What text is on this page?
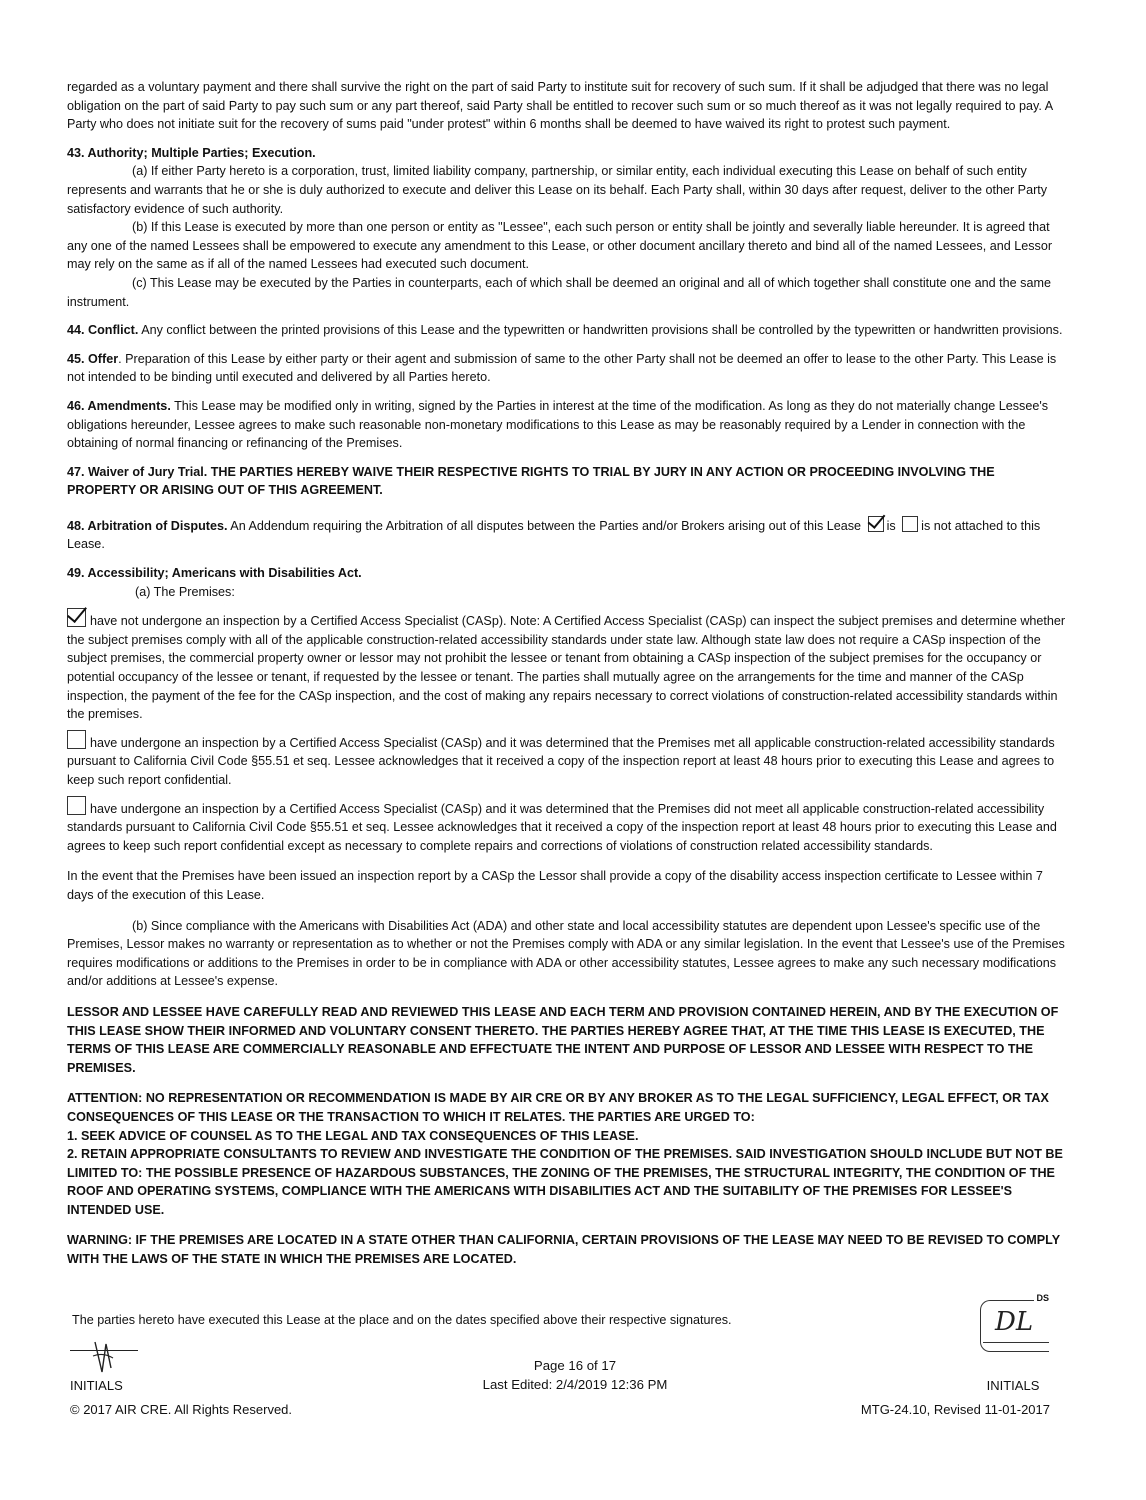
regarded as a voluntary payment and there shall survive the right on the part of said Party to institute suit for recovery of such sum. If it shall be adjudged that there was no legal obligation on the part of said Party to pay such sum or any part thereof, said Party shall be entitled to recover such sum or so much thereof as it was not legally required to pay. A Party who does not initiate suit for the recovery of sums paid "under protest" within 6 months shall be deemed to have waived its right to protest such payment.

43. Authority; Multiple Parties; Execution.

(a) If either Party hereto is a corporation, trust, limited liability company, partnership, or similar entity, each individual executing this Lease on behalf of such entity represents and warrants that he or she is duly authorized to execute and deliver this Lease on its behalf. Each Party shall, within 30 days after request, deliver to the other Party satisfactory evidence of such authority.

(b) If this Lease is executed by more than one person or entity as "Lessee", each such person or entity shall be jointly and severally liable hereunder. It is agreed that any one of the named Lessees shall be empowered to execute any amendment to this Lease, or other document ancillary thereto and bind all of the named Lessees, and Lessor may rely on the same as if all of the named Lessees had executed such document.

(c) This Lease may be executed by the Parties in counterparts, each of which shall be deemed an original and all of which together shall constitute one and the same instrument.

44. Conflict. Any conflict between the printed provisions of this Lease and the typewritten or handwritten provisions shall be controlled by the typewritten or handwritten provisions.

45. Offer. Preparation of this Lease by either party or their agent and submission of same to the other Party shall not be deemed an offer to lease to the other Party. This Lease is not intended to be binding until executed and delivered by all Parties hereto.

46. Amendments. This Lease may be modified only in writing, signed by the Parties in interest at the time of the modification. As long as they do not materially change Lessee's obligations hereunder, Lessee agrees to make such reasonable non-monetary modifications to this Lease as may be reasonably required by a Lender in connection with the obtaining of normal financing or refinancing of the Premises.

47. Waiver of Jury Trial. THE PARTIES HEREBY WAIVE THEIR RESPECTIVE RIGHTS TO TRIAL BY JURY IN ANY ACTION OR PROCEEDING INVOLVING THE PROPERTY OR ARISING OUT OF THIS AGREEMENT.

48. Arbitration of Disputes. An Addendum requiring the Arbitration of all disputes between the Parties and/or Brokers arising out of this Lease is is not attached to this Lease.

49. Accessibility; Americans with Disabilities Act.

(a) The Premises:

have not undergone an inspection by a Certified Access Specialist (CASp). Note: A Certified Access Specialist (CASp) can inspect the subject premises and determine whether the subject premises comply with all of the applicable construction-related accessibility standards under state law. Although state law does not require a CASp inspection of the subject premises, the commercial property owner or lessor may not prohibit the lessee or tenant from obtaining a CASp inspection of the subject premises for the occupancy or potential occupancy of the lessee or tenant, if requested by the lessee or tenant. The parties shall mutually agree on the arrangements for the time and manner of the CASp inspection, the payment of the fee for the CASp inspection, and the cost of making any repairs necessary to correct violations of construction-related accessibility standards within the premises.

have undergone an inspection by a Certified Access Specialist (CASp) and it was determined that the Premises met all applicable construction-related accessibility standards pursuant to California Civil Code §55.51 et seq. Lessee acknowledges that it received a copy of the inspection report at least 48 hours prior to executing this Lease and agrees to keep such report confidential.

have undergone an inspection by a Certified Access Specialist (CASp) and it was determined that the Premises did not meet all applicable construction-related accessibility standards pursuant to California Civil Code §55.51 et seq. Lessee acknowledges that it received a copy of the inspection report at least 48 hours prior to executing this Lease and agrees to keep such report confidential except as necessary to complete repairs and corrections of violations of construction related accessibility standards.

In the event that the Premises have been issued an inspection report by a CASp the Lessor shall provide a copy of the disability access inspection certificate to Lessee within 7 days of the execution of this Lease.

(b) Since compliance with the Americans with Disabilities Act (ADA) and other state and local accessibility statutes are dependent upon Lessee's specific use of the Premises, Lessor makes no warranty or representation as to whether or not the Premises comply with ADA or any similar legislation. In the event that Lessee's use of the Premises requires modifications or additions to the Premises in order to be in compliance with ADA or other accessibility statutes, Lessee agrees to make any such necessary modifications and/or additions at Lessee's expense.

LESSOR AND LESSEE HAVE CAREFULLY READ AND REVIEWED THIS LEASE AND EACH TERM AND PROVISION CONTAINED HEREIN, AND BY THE EXECUTION OF THIS LEASE SHOW THEIR INFORMED AND VOLUNTARY CONSENT THERETO. THE PARTIES HEREBY AGREE THAT, AT THE TIME THIS LEASE IS EXECUTED, THE TERMS OF THIS LEASE ARE COMMERCIALLY REASONABLE AND EFFECTUATE THE INTENT AND PURPOSE OF LESSOR AND LESSEE WITH RESPECT TO THE PREMISES.

ATTENTION: NO REPRESENTATION OR RECOMMENDATION IS MADE BY AIR CRE OR BY ANY BROKER AS TO THE LEGAL SUFFICIENCY, LEGAL EFFECT, OR TAX CONSEQUENCES OF THIS LEASE OR THE TRANSACTION TO WHICH IT RELATES. THE PARTIES ARE URGED TO:

1. SEEK ADVICE OF COUNSEL AS TO THE LEGAL AND TAX CONSEQUENCES OF THIS LEASE.

2. RETAIN APPROPRIATE CONSULTANTS TO REVIEW AND INVESTIGATE THE CONDITION OF THE PREMISES. SAID INVESTIGATION SHOULD INCLUDE BUT NOT BE LIMITED TO: THE POSSIBLE PRESENCE OF HAZARDOUS SUBSTANCES, THE ZONING OF THE PREMISES, THE STRUCTURAL INTEGRITY, THE CONDITION OF THE ROOF AND OPERATING SYSTEMS, COMPLIANCE WITH THE AMERICANS WITH DISABILITIES ACT AND THE SUITABILITY OF THE PREMISES FOR LESSEE'S INTENDED USE.

WARNING: IF THE PREMISES ARE LOCATED IN A STATE OTHER THAN CALIFORNIA, CERTAIN PROVISIONS OF THE LEASE MAY NEED TO BE REVISED TO COMPLY WITH THE LAWS OF THE STATE IN WHICH THE PREMISES ARE LOCATED.

The parties hereto have executed this Lease at the place and on the dates specified above their respective signatures.
INITIALS
Page 16 of 17
Last Edited: 2/4/2019 12:36 PM
DS
DL
INITIALS
© 2017 AIR CRE. All Rights Reserved.	MTG-24.10, Revised 11-01-2017
